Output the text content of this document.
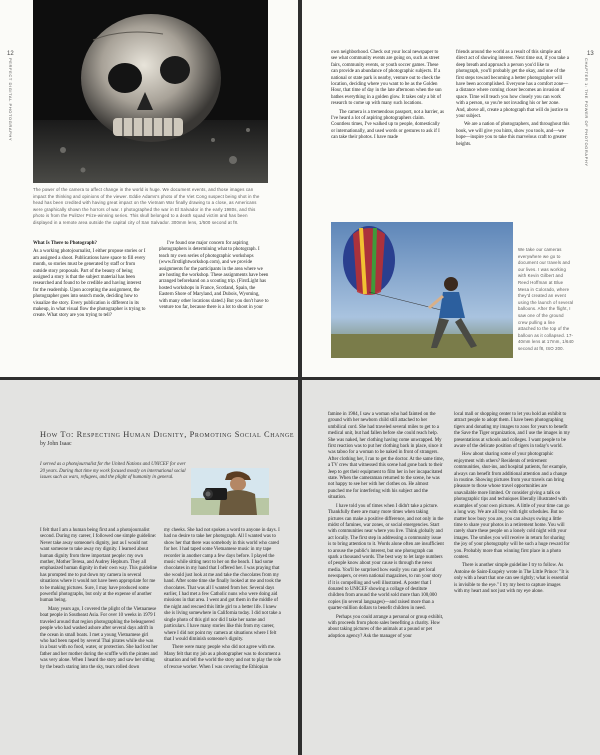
12
PERFECT DIGITAL PHOTOGRAPHY
The power of the camera to affect change in the world is huge. We document events, and those images can impact the thinking and opinions of the viewer. Eddie Adams's photo of the Viet Cong suspect being shot in the head has been credited with having great impact on the Vietnam War finally drawing to a close, as Americans were graphically shown the horrors of war. I photographed the war in El Salvador in the early 1980s, and this photo is from the Pulitzer Prize-winning series. This skull belonged to a death squad victim and has been displayed in a remote area outside the capital city of San Salvador. 300mm lens, 1/500 second at f8.

What Is There to Photograph?

As a working photojournalist, I either propose stories or I am assigned a shoot. Publications have space to fill every month, so stories must be generated by staff or from outside story proposals. Part of the beauty of being assigned a story is that the subject material has been researched and found to be credible and having interest for the readership. Upon accepting the assignment, the photographer goes into search mode, deciding how to visualize the story. Every publication is different in its makeup, in what visual flow the photographer is trying to create. What story are you trying to tell?

I've found one major concern for aspiring photographers is determining what to photograph. I teach my own series of photographic workshops (www.firstlightworkshop.com), and we provide assignments for the participants in the area where we are hosting the workshop. These assignments have been arranged beforehand on a scouting trip. (FirstLight has hosted workshops in France, Scotland, Spain, the Eastern Shore of Maryland, and Dubois, Wyoming, with many other locations slated.) But you don't have to venture too far, because there is a lot to shoot in your

13
CHAPTER 1: THE POWER OF PHOTOGRAPHY

own neighborhood. Check out your local newspaper to see what community events are going on, such as street fairs, community events, or youth soccer games. These can provide an abundance of photographic subjects. If a national or state park is nearby, venture out to check the location, deciding where you want to be as the Golden Hour, that time of day in the late afternoon when the sun bathes everything in a golden glow. It takes only a bit of research to come up with many such locations.

The camera is a tremendous passport, not a barrier, as I've heard a lot of aspiring photographers claim. Countless times, I've walked up to people, domestically or internationally, and used words or gestures to ask if I can take their photos. I have made

friends around the world as a result of this simple and direct act of showing interest. Next time out, if you take a deep breath and approach a person you'd like to photograph, you'll probably get the okay, and one of the first steps toward becoming a better photographer will have been accomplished. Everyone has a comfort zone—a distance where coming closer becomes an invasion of space. Time will teach you how closely you can work with a person, so you're not invading his or her zone. And, above all, create a photograph that will do justice to your subject.

We are a nation of photographers, and throughout this book, we will give you hints, show you tools, and—we hope—inspire you to take this marvelous craft to greater heights.

We take our cameras everywhere we go to document our travels and our lives. I was working with Kevin Gilbert and Reed Hoffman at Blue Mesa in Colorado, where they'd created an event using the launch of several balloons. After the flight, I saw one of the ground crew pulling a line attached to the top of the balloon as it collapsed. 17-40mm lens at 17mm, 1/640 second at f8, ISO 200.
How To: Respecting Human Dignity, Promoting Social Change
by John Isaac
I served as a photojournalist for the United Nations and UNICEF for over 20 years. During that time my work focused mostly on international social issues such as wars, refugees, and the plight of humanity in general.

I felt that I am a human being first and a photojournalist second. During my career, I followed one simple guideline: Never take away someone's dignity, just as I would not want someone to take away my dignity. I learned about human dignity from three important people: my own mother, Mother Teresa, and Audrey Hepburn. They all emphasized human dignity in their own way. This guideline has prompted me to put down my camera in several situations where it would not have been appropriate for me to be making pictures. Sure, I may have produced some powerful photographs, but only at the expense of another human being.

Many years ago, I covered the plight of the Vietnamese boat people in Southeast Asia. For over 10 weeks in 1979 I traveled around that region photographing the beleaguered people who had washed ashore after several days adrift in the ocean in small boats. I met a young Vietnamese girl who had been raped by several Thai pirates while she was in a boat with no food, water, or protection. She had lost her father and her mother during the scuffle with the pirates and was very alone. When I heard the story and saw her sitting by the beach staring into the sky, tears rolled down

my cheeks. She had not spoken a word to anyone in days. I had no desire to take her photograph. All I wanted was to show her that there was somebody in this world who cared for her. I had taped some Vietnamese music in my tape recorder in another camp a few days before. I played the music while sitting next to her on the beach. I had some chocolates in my hand that I offered her. I was praying that she would just look at me and take the chocolates from my hand. After some time she finally looked at me and took the chocolates. That was all I wanted from her. Several days earlier, I had met a few Catholic nuns who were doing aid missions in that area. I went and got them in the middle of the night and rescued this little girl to a better life. I knew she is living somewhere in California today. I did not take a single photo of this girl nor did I take her name and particulars. I have many stories like this from my career, where I did not point my camera at situations where I felt that I would diminish someone's dignity.

There were many people who did not agree with me. Many felt that my job as a photographer was to document a situation and tell the world the story and not to play the role of rescue worker. When I was covering the Ethiopian

famine in 1984, I saw a woman who had fainted on the ground with her newborn child still attached to her umbilical cord. She had traveled several miles to get to a medical unit, but had fallen before she could reach help. She was naked, her clothing having come unwrapped. My first reaction was to put her clothing back in place, since it was taboo for a woman to be naked in front of strangers. After clothing her, I ran to get the doctor. At the same time, a TV crew that witnessed this scene had gone back to their Jeep to get their equipment to film her in her incapacitated state. When the cameraman returned to the scene, he was not happy to see her with her clothes on. He almost punched me for interfering with his subject and the situation.

I have told you of times when I didn't take a picture. Thankfully there are many more times when taking pictures can make a positive difference, and not only in the midst of famines, war zones, or social emergencies. Start with communities near where you live. Think globally and act locally. The first step in addressing a community issue is to bring attention to it. Words alone often are insufficient to arouse the public's interest, but one photograph can spark a thousand words. The best way to let large numbers of people know about your cause is through the news media. You'll be surprised how easily you can get local newspapers, or even national magazines, to run your story if it is compelling and well illustrated. A poster that I donated to UNICEF showing a collage of destitute children from around the world sold more than 100,000 copies (in several languages)—and raised more than a quarter-million dollars to benefit children in need.

Perhaps you could arrange a personal or group exhibit, with proceeds from photo sales benefiting a charity. How about taking pictures of the animals at a pound or pet adoption agency? Ask the manager of your

local mall or shopping center to let you hold an exhibit to attract people to adopt them. I have been photographing tigers and donating my images to zoos for years to benefit the Save the Tiger organization, and I use the images in my presentations at schools and colleges. I want people to be aware of the delicate position of tigers in today's world.

How about sharing some of your photographic enjoyment with others? Residents of retirement communities, shut-ins, and hospital patients, for example, always can benefit from additional attention and a change in routine. Showing pictures from your travels can bring pleasure to those whose travel opportunities are unavailable more limited. Or consider giving a talk on photographic tips and techniques liberally illustrated with examples of your own pictures. A little of your time can go a long way. We are all busy with tight schedules. But no matter how busy you are, you can always swing a little time to share your photos in a retirement home. You will rarely share these people on a lonely cold night with your images. The smiles you will receive in return for sharing the joy of your photography will be such a huge reward for you. Probably more than winning first place in a photo contest.

There is another simple guideline I try to follow. As Antoine de Saint-Exupéry wrote in The Little Prince: "It is only with a heart that one can see rightly; what is essential is invisible to the eye." I try my best to capture images with my heart and not just with my eye alone.
